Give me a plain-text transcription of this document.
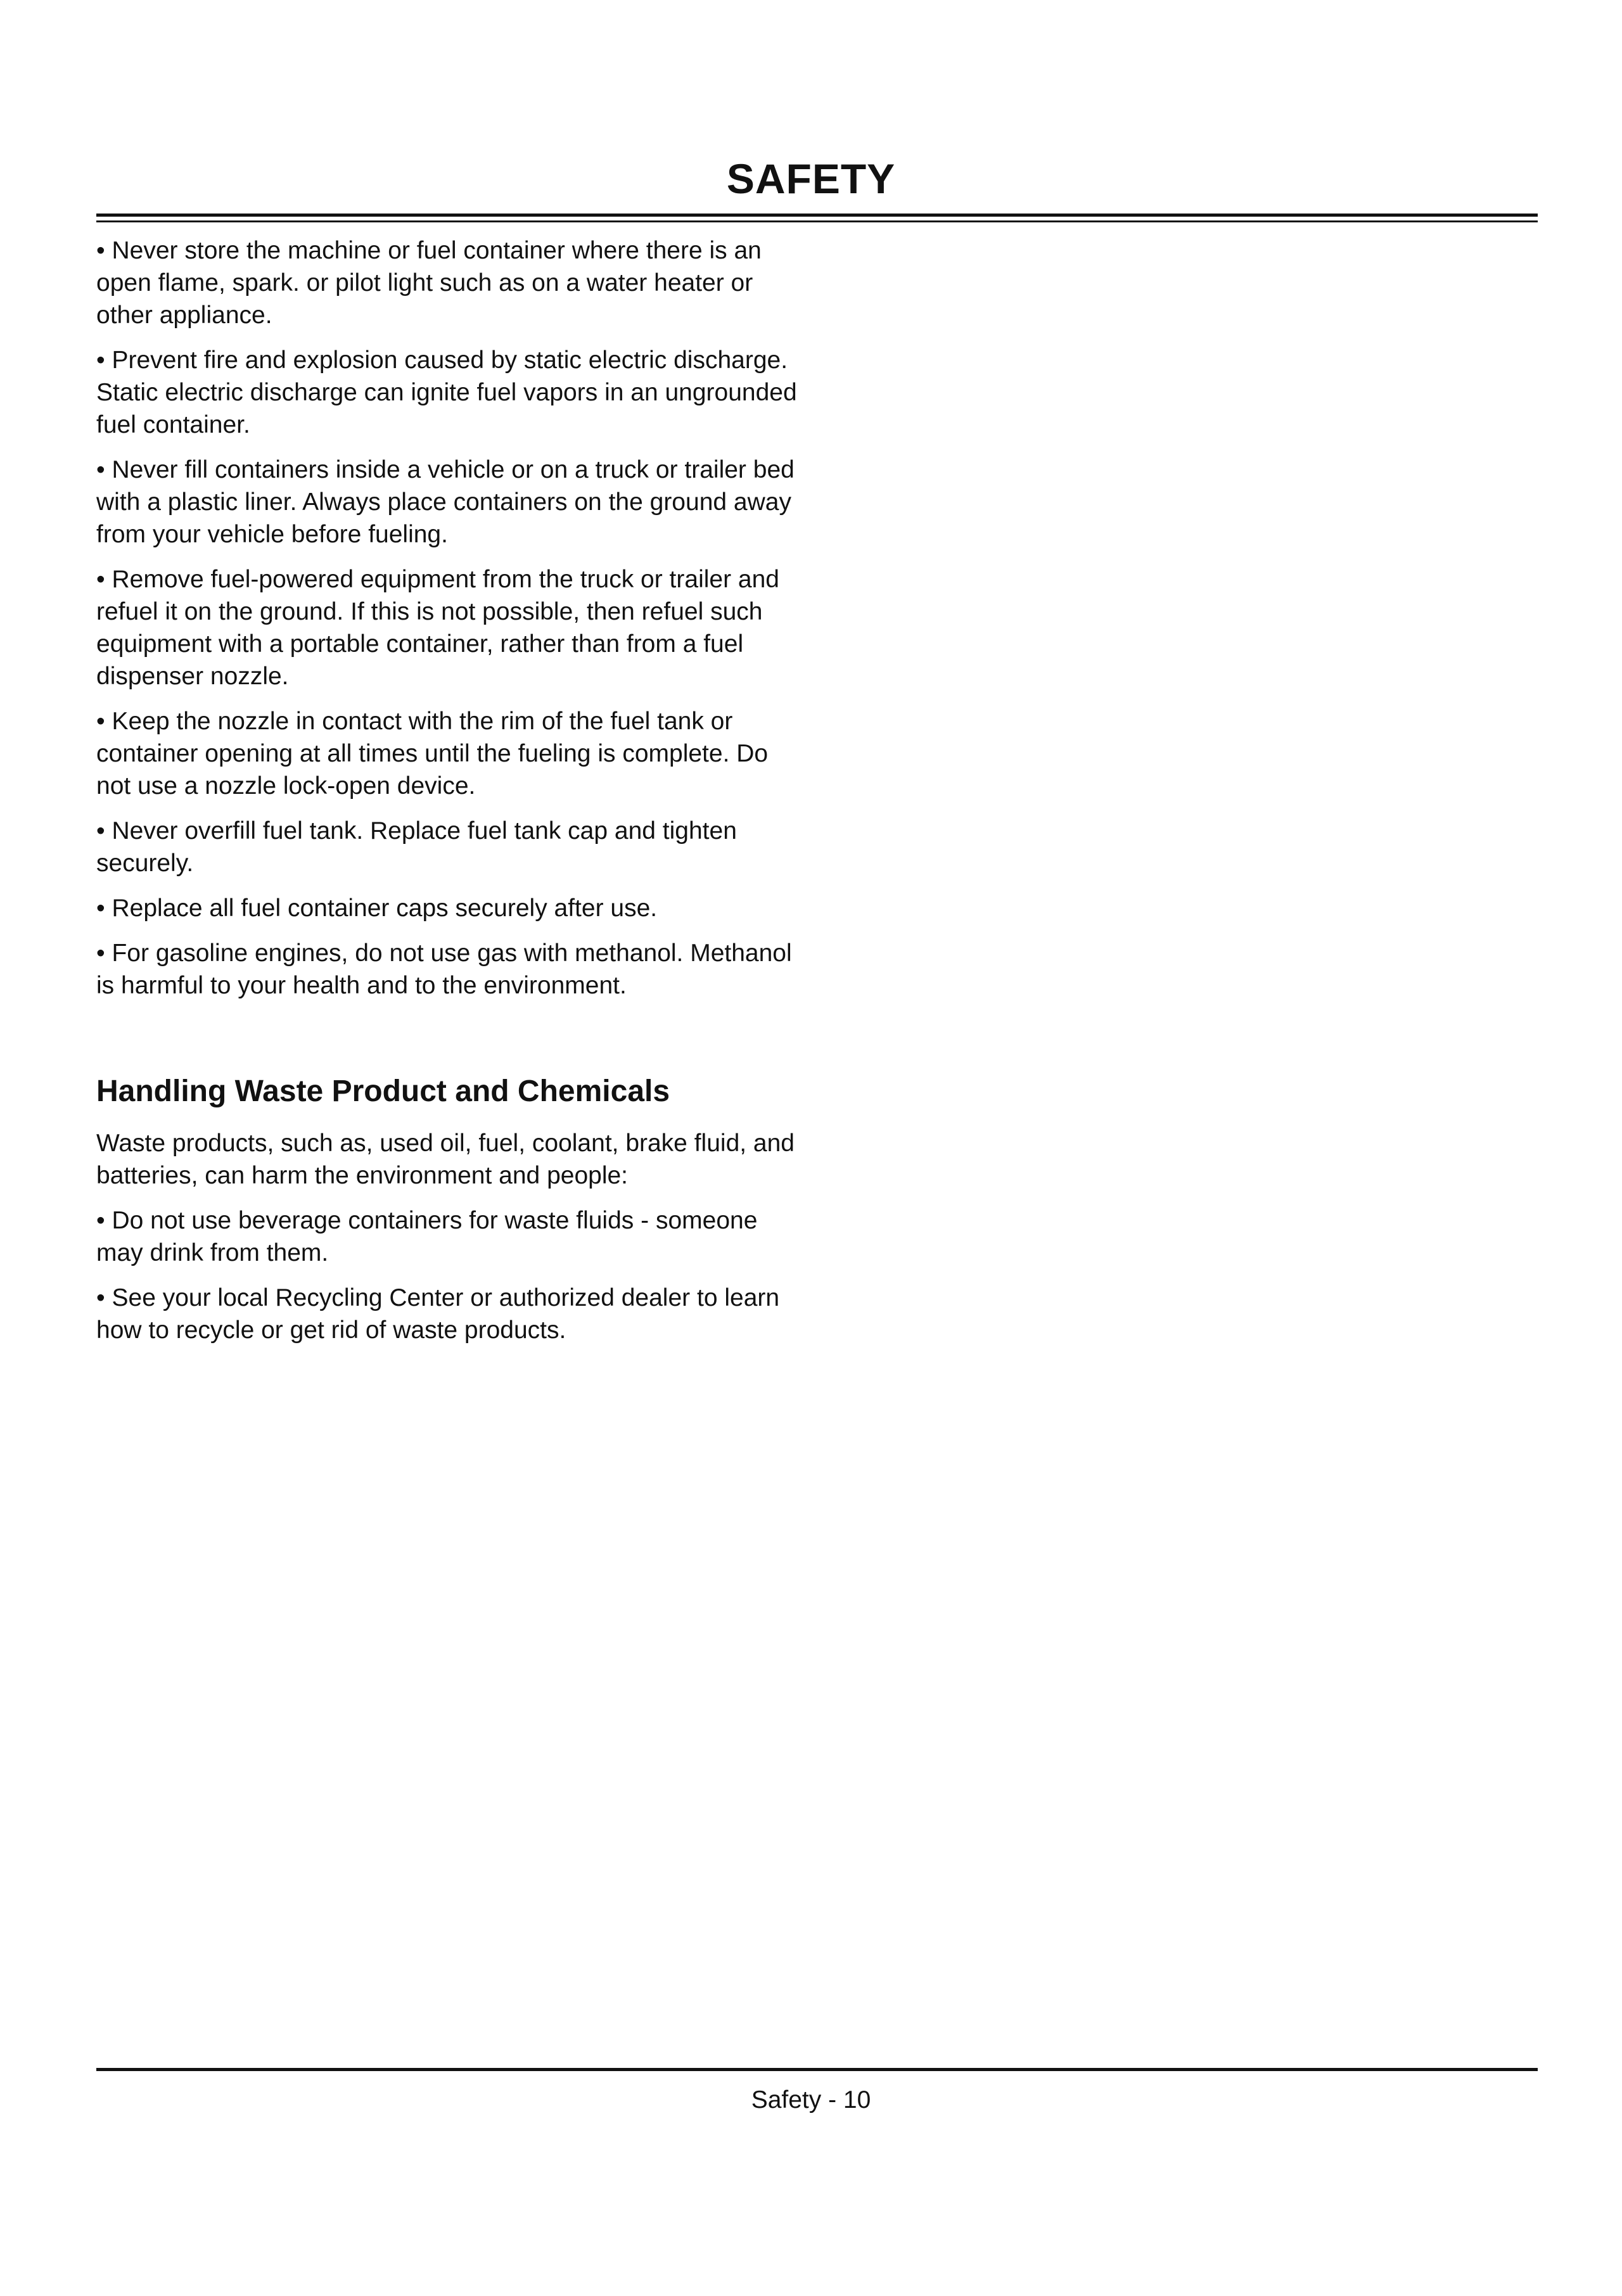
SAFETY

• Never store the machine or fuel container where there is an open flame, spark. or pilot light such as on a water heater or other appliance.

• Prevent fire and explosion caused by static electric discharge. Static electric discharge can ignite fuel vapors in an ungrounded fuel container.

• Never fill containers inside a vehicle or on a truck or trailer bed with a plastic liner. Always place containers on the ground away from your vehicle before fueling.

• Remove fuel-powered equipment from the truck or trailer and refuel it on the ground. If this is not possible, then refuel such equipment with a portable container, rather than from a fuel dispenser nozzle.

• Keep the nozzle in contact with the rim of the fuel tank or container opening at all times until the fueling is complete. Do not use a nozzle lock-open device.

• Never overfill fuel tank. Replace fuel tank cap and tighten securely.

• Replace all fuel container caps securely after use.

• For gasoline engines, do not use gas with methanol. Methanol is harmful to your health and to the environment.

Handling Waste Product and Chemicals

Waste products, such as, used oil, fuel, coolant, brake fluid, and batteries, can harm the environment and people:

• Do not use beverage containers for waste fluids - someone may drink from them.

• See your local Recycling Center or authorized dealer to learn how to recycle or get rid of waste products.

Safety - 10
